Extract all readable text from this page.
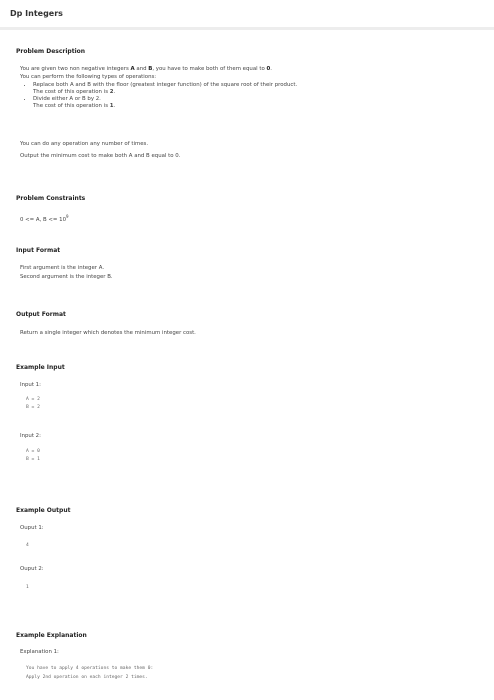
Dp Integers
Problem Description
You are given two non negative integers A and B, you have to make both of them equal to 0.
You can perform the following types of operations:
• Replace both A and B with the floor (greatest integer function) of the square root of their product.
The cost of this operation is 2.
• Divide either A or B by 2.
The cost of this operation is 1.
You can do any operation any number of times.
Output the minimum cost to make both A and B equal to 0.
Problem Constraints
0 <= A, $B <= 10^9$
Input Format
First argument is the integer A.
Second argument is the integer B.
Output Format
Return a single integer which denotes the minimum integer cost.
Example Input
Input 1:
A = 2
B = 2
Input 2:
A = 0
B = 1
Example Output
Ouput 1:
4
Ouput 2:
1
Example Explanation
Explanation 1:
You have to apply 4 operations to make them 0:
Apply 2nd operation on each integer 2 times.
